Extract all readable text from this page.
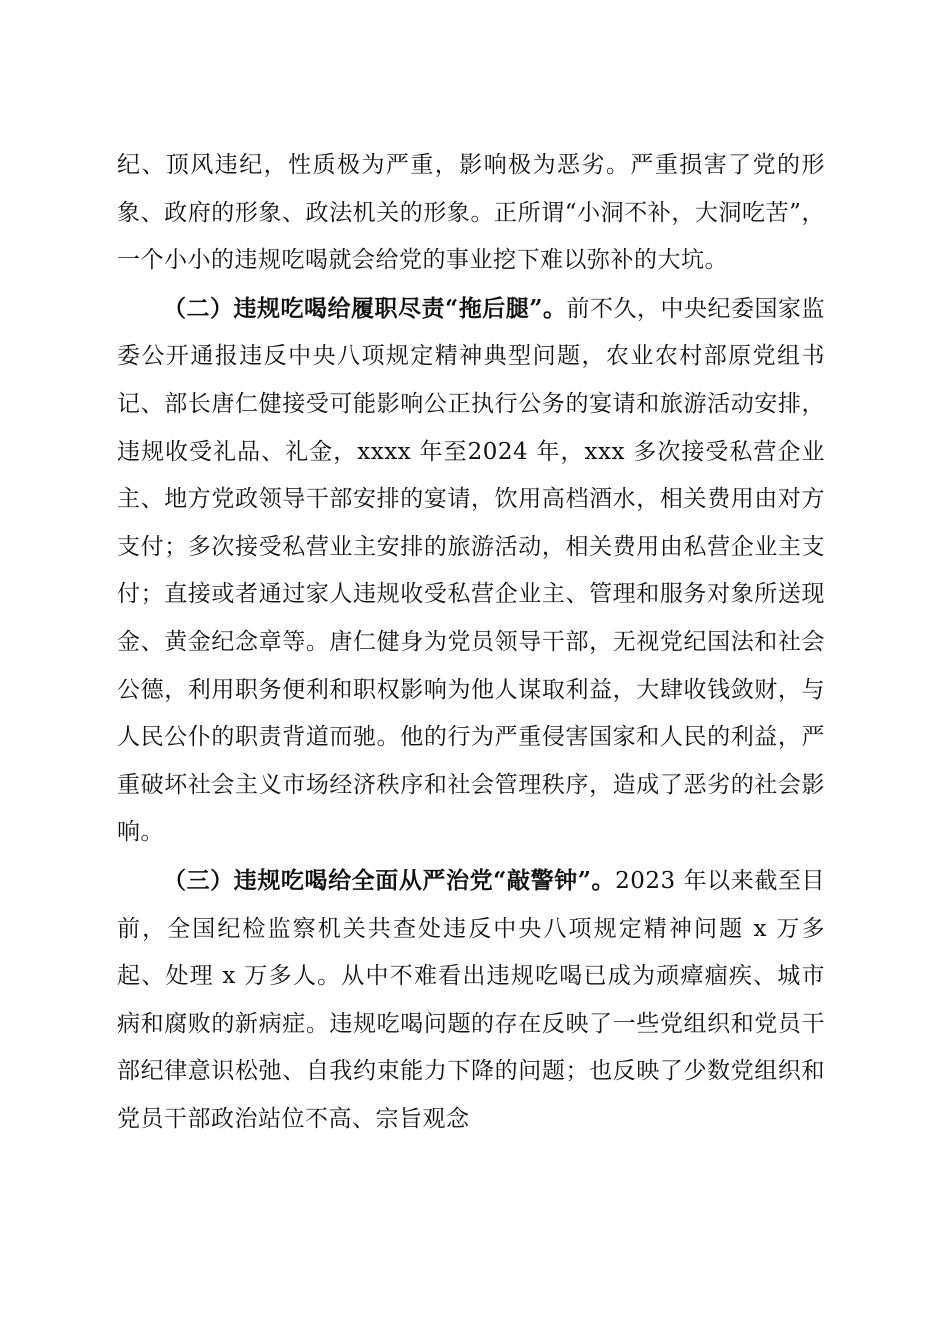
纪、顶风违纪，性质极为严重，影响极为恶劣。严重损害了党的形象、政府的形象、政法机关的形象。正所谓“小洞不补，大洞吃苦”，一个小小的违规吃喝就会给党的事业挖下难以弥补的大坑。

（二）违规吃喝给履职尽责“拖后腿”。前不久，中央纪委国家监委公开通报违反中央八项规定精神典型问题，农业农村部原党组书记、部长唐仁健接受可能影响公正执行公务的宴请和旅游活动安排，违规收受礼品、礼金，xxxx 年至2024 年，xxx 多次接受私营企业主、地方党政领导干部安排的宴请，饮用高档酒水，相关费用由对方支付；多次接受私营业主安排的旅游活动，相关费用由私营企业主支付；直接或者通过家人违规收受私营企业主、管理和服务对象所送现金、黄金纪念章等。唐仁健身为党员领导干部，无视党纪国法和社会公德，利用职务便利和职权影响为他人谋取利益，大肆收钱敛财，与人民公仆的职责背道而驰。他的行为严重侵害国家和人民的利益，严重破坏社会主义市场经济秩序和社会管理秩序，造成了恶劣的社会影响。

（三）违规吃喝给全面从严治党“敲警钟”。2023 年以来截至目前，全国纪检监察机关共查处违反中央八项规定精神问题 x 万多起、处理 x 万多人。从中不难看出违规吃喝已成为顽瘴痼疾、城市病和腐败的新病症。违规吃喝问题的存在反映了一些党组织和党员干部纪律意识松弛、自我约束能力下降的问题；也反映了少数党组织和党员干部政治站位不高、宗旨观念
